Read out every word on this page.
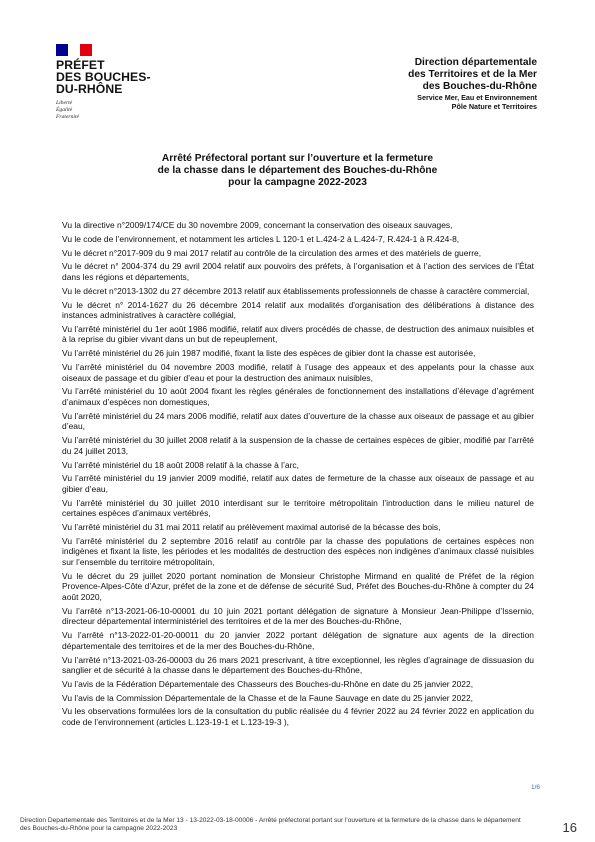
PRÉFET
DES BOUCHES-
DU-RHÔNE
Liberté
Égalité
Fraternité
Direction départementale
des Territoires et de la Mer
des Bouches-du-Rhône
Service Mer, Eau et Environnement
Pôle Nature et Territoires
Arrêté Préfectoral portant sur l’ouverture et la fermeture
de la chasse dans le département des Bouches-du-Rhône
pour la campagne 2022-2023

Vu la directive n°2009/174/CE du 30 novembre 2009, concernant la conservation des oiseaux sauvages,

Vu le code de l’environnement, et notamment les articles L 120-1 et L.424-2 à L.424-7, R.424-1 à R.424-8,

Vu le décret n°2017-909 du 9 mai 2017 relatif au contrôle de la circulation des armes et des matériels de guerre,

Vu le décret n° 2004-374 du 29 avril 2004 relatif aux pouvoirs des préfets, à l’organisation et à l’action des services de l’État dans les régions et départements,

Vu le décret n°2013-1302 du 27 décembre 2013 relatif aux établissements professionnels de chasse à caractère commercial,

Vu le décret n° 2014-1627 du 26 décembre 2014 relatif aux modalités d'organisation des délibérations à distance des instances administratives à caractère collégial,

Vu l’arrêté ministériel du 1er août 1986 modifié, relatif aux divers procédés de chasse, de destruction des animaux nuisibles et à la reprise du gibier vivant dans un but de repeuplement,

Vu l’arrêté ministériel du 26 juin 1987 modifié, fixant la liste des espèces de gibier dont la chasse est autorisée,

Vu l’arrêté ministériel du 04 novembre 2003 modifié, relatif à l’usage des appeaux et des appelants pour la chasse aux oiseaux de passage et du gibier d’eau et pour la destruction des animaux nuisibles,

Vu l’arrêté ministériel du 10 août 2004 fixant les règles générales de fonctionnement des installations d’élevage d’agrément d’animaux d’espèces non domestiques,

Vu l’arrêté ministériel du 24 mars 2006 modifié, relatif aux dates d’ouverture de la chasse aux oiseaux de passage et au gibier d’eau,

Vu l’arrêté ministériel du 30 juillet 2008 relatif à la suspension de la chasse de certaines espèces de gibier, modifié par l’arrêté du 24 juillet 2013,

Vu l’arrêté ministériel du 18 août 2008 relatif à la chasse à l’arc,

Vu l’arrêté ministériel du 19 janvier 2009 modifié, relatif aux dates de fermeture de la chasse aux oiseaux de passage et au gibier d’eau,

Vu l’arrêté ministériel du 30 juillet 2010 interdisant sur le territoire métropolitain l’introduction dans le milieu naturel de certaines espèces d’animaux vertébrés,

Vu l’arrêté ministériel du 31 mai 2011 relatif au prélèvement maximal autorisé de la bécasse des bois,

Vu l’arrêté ministériel du 2 septembre 2016 relatif au contrôle par la chasse des populations de certaines espèces non indigènes et fixant la liste, les périodes et les modalités de destruction des espèces non indigènes d’animaux classé nuisibles sur l’ensemble du territoire métropolitain,

Vu le décret du 29 juillet 2020 portant nomination de Monsieur Christophe Mirmand en qualité de Préfet de la région Provence-Alpes-Côte d’Azur, préfet de la zone et de défense de sécurité Sud, Préfet des Bouches-du-Rhône à compter du 24 août 2020,

Vu l’arrêté n°13-2021-06-10-00001 du 10 juin 2021 portant délégation de signature à Monsieur Jean-Philippe d’Issernio, directeur départemental interministériel des territoires et de la mer des Bouches-du-Rhône,

Vu l’arrêté n°13-2022-01-20-00011 du 20 janvier 2022 portant délégation de signature aux agents de la direction départementale des territoires et de la mer des Bouches-du-Rhône,

Vu l’arrêté n°13-2021-03-26-00003 du 26 mars 2021 prescrivant, à titre exceptionnel, les règles d’agrainage de dissuasion du sanglier et de sécurité à la chasse dans le département des Bouches-du-Rhône,

Vu l’avis de la Fédération Départementale des Chasseurs des Bouches-du-Rhône en date du 25 janvier 2022,

Vu l’avis de la Commission Départementale de la Chasse et de la Faune Sauvage en date du 25 janvier 2022,

Vu les observations formulées lors de la consultation du public réalisée du 4 février 2022 au 24 février 2022 en application du code de l’environnement (articles L.123-19-1 et L.123-19-3 ),

1/6
Direction Departementale des Territoires et de la Mer 13 - 13-2022-03-18-00006 - Arrêté préfectoral portant sur l'ouverture et la fermeture de la chasse dans le département des Bouches-du-Rhône pour la campagne 2022-2023	16
